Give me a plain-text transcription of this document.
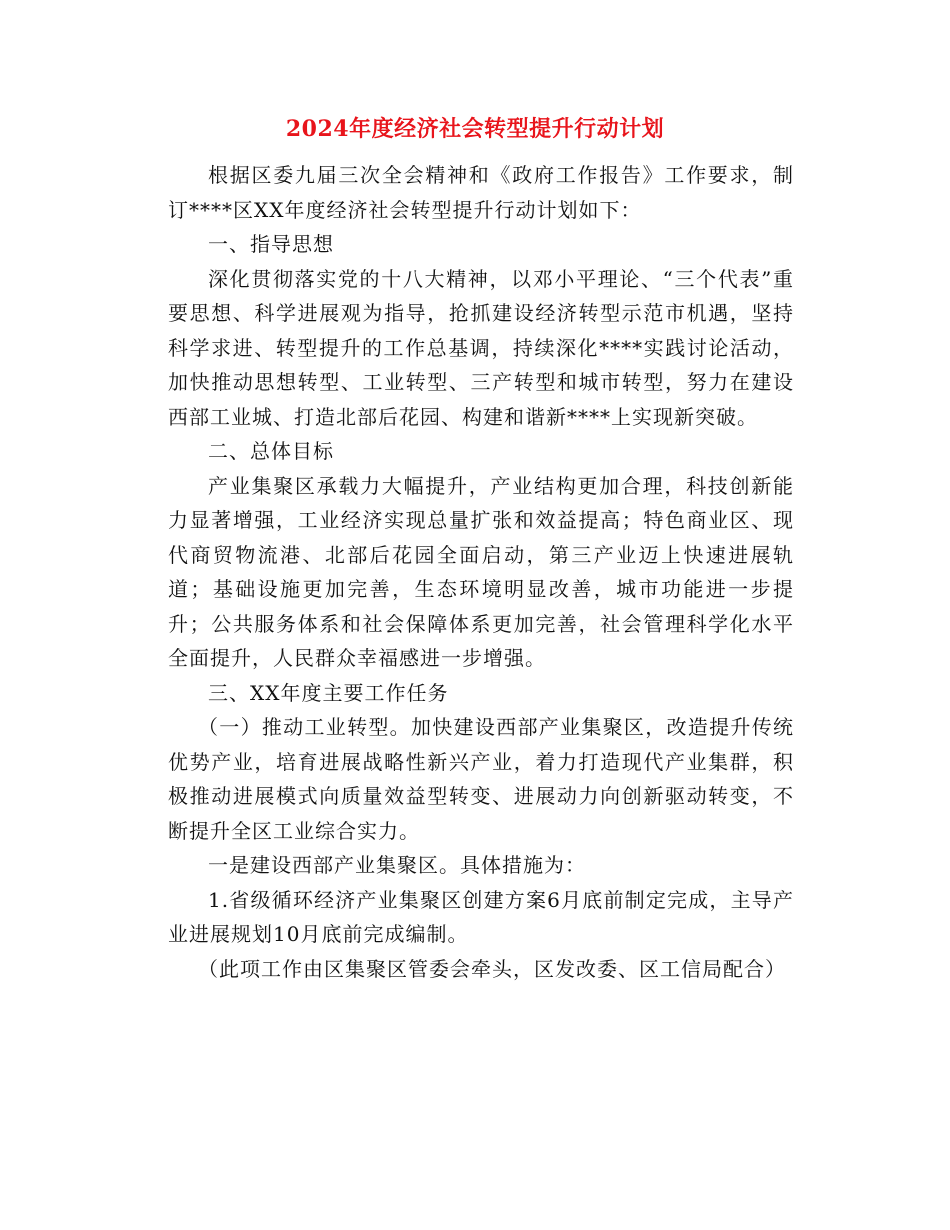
2024年度经济社会转型提升行动计划

根据区委九届三次全会精神和《政府工作报告》工作要求，制订****区XX年度经济社会转型提升行动计划如下：

一、指导思想

深化贯彻落实党的十八大精神，以邓小平理论、“三个代表”重要思想、科学进展观为指导，抢抓建设经济转型示范市机遇，坚持科学求进、转型提升的工作总基调，持续深化****实践讨论活动，加快推动思想转型、工业转型、三产转型和城市转型，努力在建设西部工业城、打造北部后花园、构建和谐新****上实现新突破。

二、总体目标

产业集聚区承载力大幅提升，产业结构更加合理，科技创新能力显著增强，工业经济实现总量扩张和效益提高；特色商业区、现代商贸物流港、北部后花园全面启动，第三产业迈上快速进展轨道；基础设施更加完善，生态环境明显改善，城市功能进一步提升；公共服务体系和社会保障体系更加完善，社会管理科学化水平全面提升，人民群众幸福感进一步增强。

三、XX年度主要工作任务

（一）推动工业转型。加快建设西部产业集聚区，改造提升传统优势产业，培育进展战略性新兴产业，着力打造现代产业集群，积极推动进展模式向质量效益型转变、进展动力向创新驱动转变，不断提升全区工业综合实力。

一是建设西部产业集聚区。具体措施为：

1.省级循环经济产业集聚区创建方案6月底前制定完成，主导产业进展规划10月底前完成编制。

（此项工作由区集聚区管委会牵头，区发改委、区工信局配合）
